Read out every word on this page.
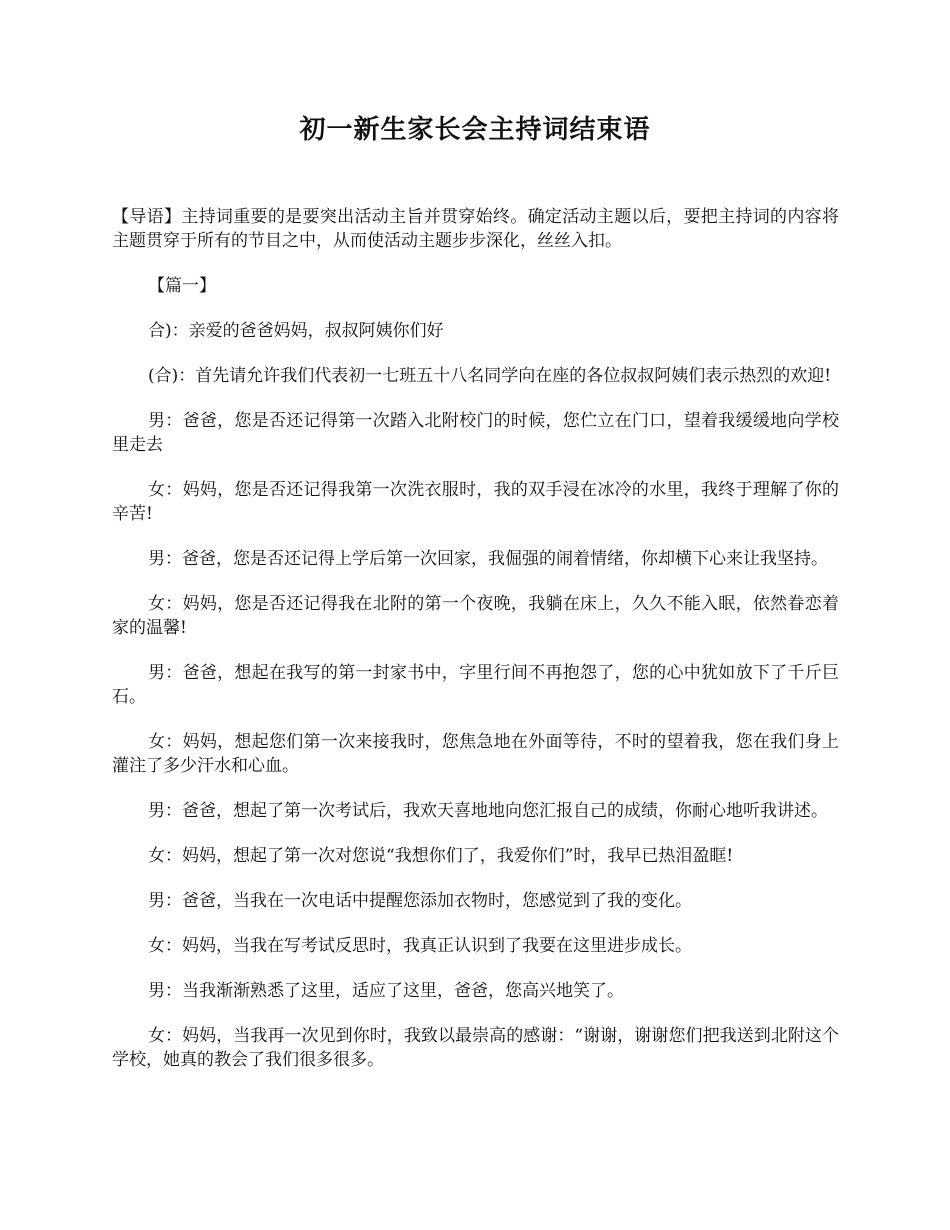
初一新生家长会主持词结束语

【导语】主持词重要的是要突出活动主旨并贯穿始终。确定活动主题以后，要把主持词的内容将主题贯穿于所有的节目之中，从而使活动主题步步深化，丝丝入扣。

【篇一】

合)：亲爱的爸爸妈妈，叔叔阿姨你们好

(合)：首先请允许我们代表初一七班五十八名同学向在座的各位叔叔阿姨们表示热烈的欢迎!

男：爸爸，您是否还记得第一次踏入北附校门的时候，您伫立在门口，望着我缓缓地向学校里走去

女：妈妈，您是否还记得我第一次洗衣服时，我的双手浸在冰冷的水里，我终于理解了你的辛苦!

男：爸爸，您是否还记得上学后第一次回家，我倔强的闹着情绪，你却横下心来让我坚持。

女：妈妈，您是否还记得我在北附的第一个夜晚，我躺在床上，久久不能入眠，依然眷恋着家的温馨!

男：爸爸，想起在我写的第一封家书中，字里行间不再抱怨了，您的心中犹如放下了千斤巨石。

女：妈妈，想起您们第一次来接我时，您焦急地在外面等待，不时的望着我，您在我们身上灌注了多少汗水和心血。

男：爸爸，想起了第一次考试后，我欢天喜地地向您汇报自己的成绩，你耐心地听我讲述。

女：妈妈，想起了第一次对您说“我想你们了，我爱你们”时，我早已热泪盈眶!

男：爸爸，当我在一次电话中提醒您添加衣物时，您感觉到了我的变化。

女：妈妈，当我在写考试反思时，我真正认识到了我要在这里进步成长。

男：当我渐渐熟悉了这里，适应了这里，爸爸，您高兴地笑了。

女：妈妈，当我再一次见到你时，我致以最崇高的感谢：“谢谢，谢谢您们把我送到北附这个学校，她真的教会了我们很多很多。
